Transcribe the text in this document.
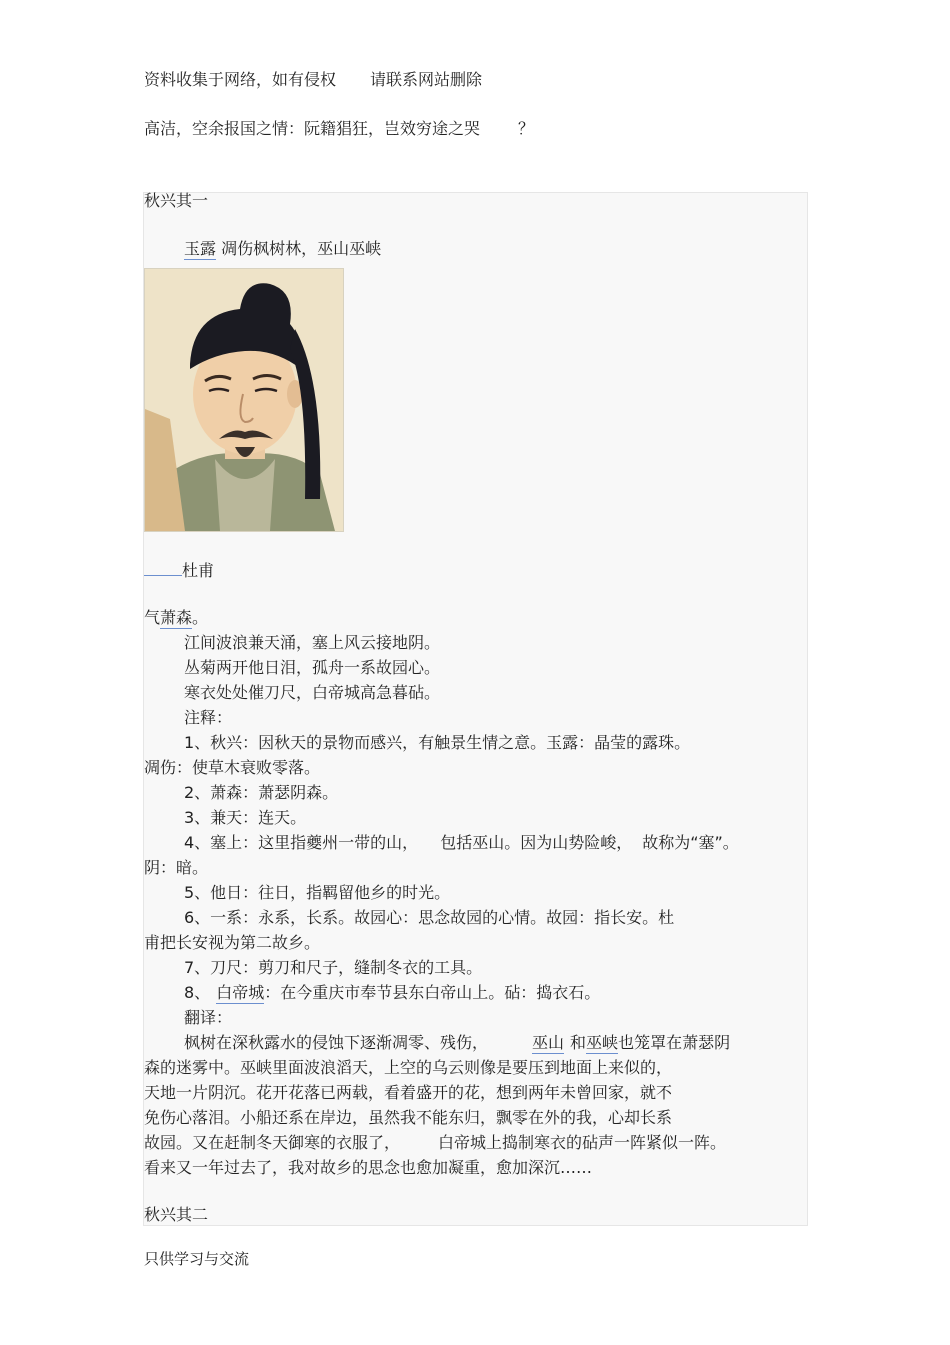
资料收集于网络，如有侵权 请联系网站删除
高洁，空余报国之情：阮籍猖狂，岂效穷途之哭 ？
秋兴其一
玉露 凋伤枫树林，巫山巫峡
杜甫
气萧森。
江间波浪兼天涌，塞上风云接地阴。
丛菊两开他日泪，孤舟一系故园心。
寒衣处处催刀尺，白帝城高急暮砧。
注释：
1、秋兴：因秋天的景物而感兴，有触景生情之意。玉露：晶莹的露珠。
凋伤：使草木衰败零落。
2、萧森：萧瑟阴森。
3、兼天：连天。
4、塞上：这里指夔州一带的山， 包括巫山。因为山势险峻， 故称为“塞”。
阴：暗。
5、他日：往日，指羁留他乡的时光。
6、一系：永系，长系。故园心：思念故园的心情。故园：指长安。杜
甫把长安视为第二故乡。
7、刀尺：剪刀和尺子，缝制冬衣的工具。
8、 白帝城：在今重庆市奉节县东白帝山上。砧：捣衣石。
翻译：
枫树在深秋露水的侵蚀下逐渐凋零、残伤，	巫山 和巫峡也笼罩在萧瑟阴
森的迷雾中。巫峡里面波浪滔天，上空的乌云则像是要压到地面上来似的，
天地一片阴沉。花开花落已两载，看着盛开的花，想到两年未曾回家，就不
免伤心落泪。小船还系在岸边，虽然我不能东归，飘零在外的我，心却长系
故园。又在赶制冬天御寒的衣服了， 白帝城上捣制寒衣的砧声一阵紧似一阵。
看来又一年过去了，我对故乡的思念也愈加凝重，愈加深沉……
秋兴其二
只供学习与交流
